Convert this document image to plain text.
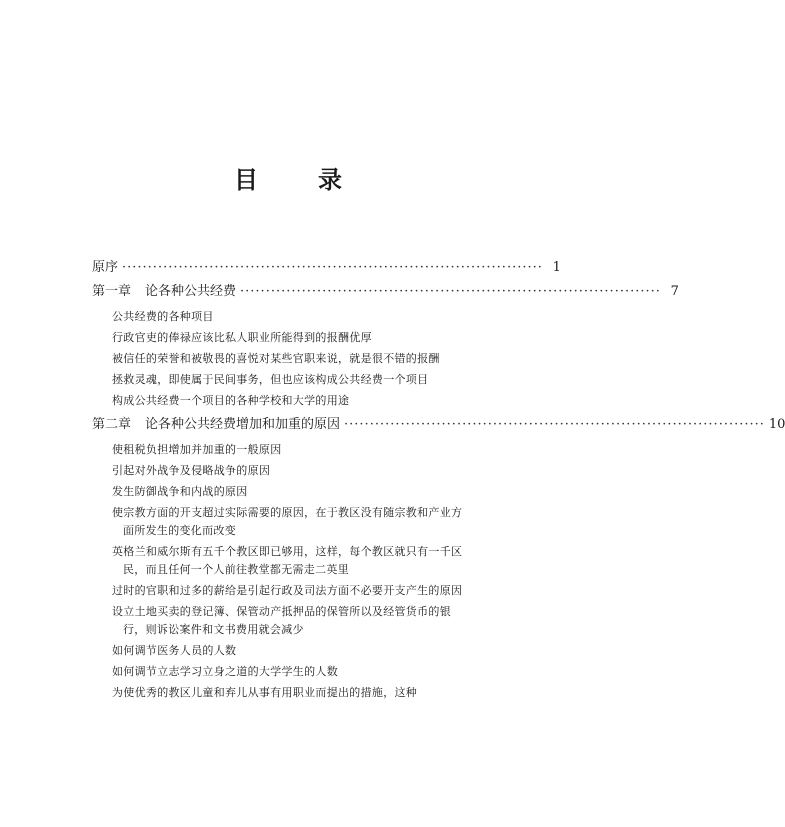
目	录
原序 ·················································································· 1
第一章 论各种公共经费 ·················································································· 7
公共经费的各种项目
行政官吏的俸禄应该比私人职业所能得到的报酬优厚
被信任的荣誉和被敬畏的喜悦对某些官职来说，就是很不错的报酬
拯救灵魂，即使属于民间事务，但也应该构成公共经费一个项目
构成公共经费一个项目的各种学校和大学的用途
第二章 论各种公共经费增加和加重的原因 ·················································································· 10
使租税负担增加并加重的一般原因
引起对外战争及侵略战争的原因
发生防御战争和内战的原因
使宗教方面的开支超过实际需要的原因，在于教区没有随宗教和产业方面所发生的变化而改变
英格兰和威尔斯有五千个教区即已够用，这样，每个教区就只有一千区民，而且任何一个人前往教堂都无需走二英里
过时的官职和过多的薪给是引起行政及司法方面不必要开支产生的原因
设立土地买卖的登记簿、保管动产抵押品的保管所以及经管货币的银行，则诉讼案件和文书费用就会减少
如何调节医务人员的人数
如何调节立志学习立身之道的大学学生的人数
为使优秀的教区儿童和弃儿从事有用职业而提出的措施，这种
